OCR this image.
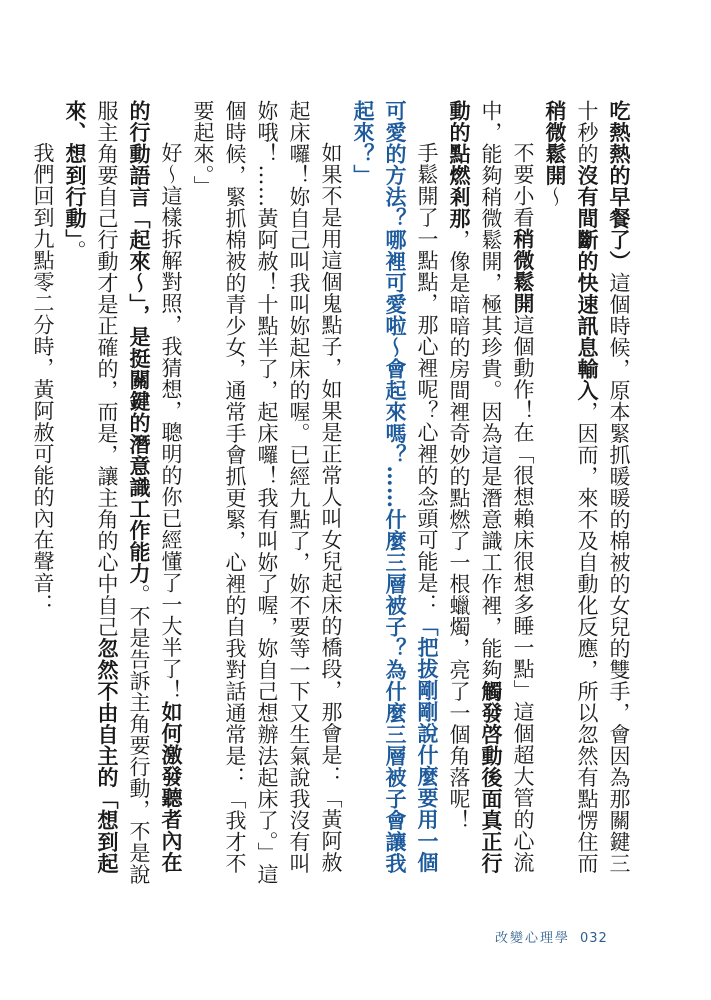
吃熱熱的早餐了）這個時候，原本緊抓暖暖的棉被的女兒的雙手，會因為那關鍵三十秒的沒有間斷的快速訊息輸入，因而，來不及自動化反應，所以忽然有點愣住而稍微鬆開～

不要小看稍微鬆開這個動作！在「很想賴床很想多睡一點」這個超大管的心流中，能夠稍微鬆開，極其珍貴。因為這是潛意識工作裡，能夠觸發啓動後面真正行動的點燃剎那，像是暗暗的房間裡奇妙的點燃了一根蠟燭，亮了一個角落呢！

手鬆開了一點點，那心裡呢？心裡的念頭可能是：「把拔剛剛說什麼要用一個可愛的方法？哪裡可愛啦～會起來嗎？……什麼三層被子？為什麼三層被子會讓我起來？」

如果不是用這個鬼點子，如果是正常人叫女兒起床的橋段，那會是：「黃阿赦起床囉！妳自己叫我叫妳起床的喔。已經九點了，妳不要等一下又生氣說我沒有叫妳哦！……黃阿赦！十點半了，起床囉！我有叫妳了喔，妳自己想辦法起床了。」這個時候，緊抓棉被的青少女，通常手會抓更緊，心裡的自我對話通常是：「我才不要起來。」

好～這樣拆解對照，我猜想，聰明的你已經懂了一大半了！如何激發聽者內在的行動語言「起來～」，是挺關鍵的潛意識工作能力。不是告訴主角要行動，不是說服主角要自己行動才是正確的，而是，讓主角的心中自己忽然不由自主的「想到起來、想到行動」。

我們回到九點零二分時，黃阿赦可能的內在聲音：

改變心理學 032
